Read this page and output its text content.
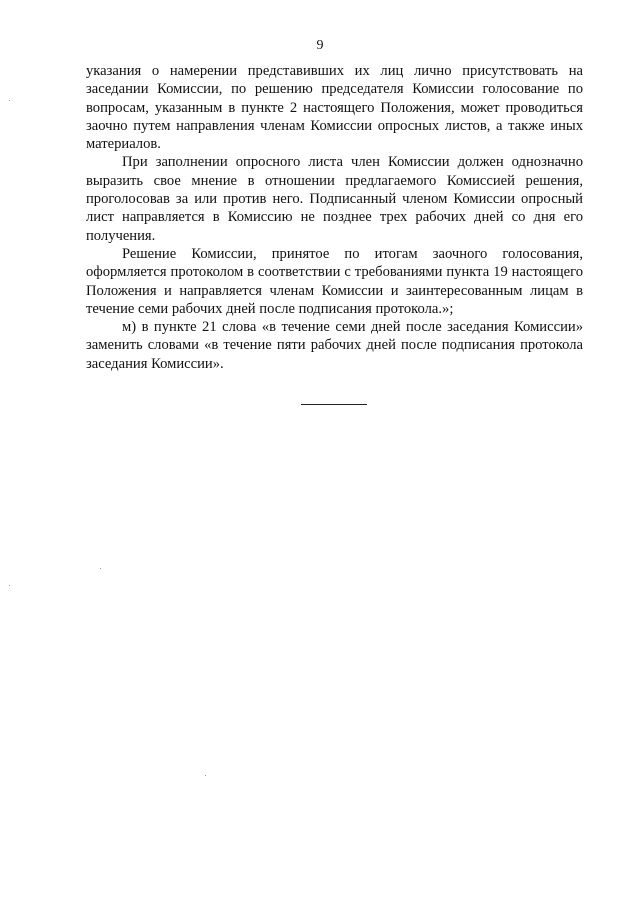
9

указания о намерении представивших их лиц лично присутствовать на заседании Комиссии, по решению председателя Комиссии голосование по вопросам, указанным в пункте 2 настоящего Положения, может проводиться заочно путем направления членам Комиссии опросных листов, а также иных материалов.

При заполнении опросного листа член Комиссии должен однозначно выразить свое мнение в отношении предлагаемого Комиссией решения, проголосовав за или против него. Подписанный членом Комиссии опросный лист направляется в Комиссию не позднее трех рабочих дней со дня его получения.

Решение Комиссии, принятое по итогам заочного голосования, оформляется протоколом в соответствии с требованиями пункта 19 настоящего Положения и направляется членам Комиссии и заинтересованным лицам в течение семи рабочих дней после подписания протокола.»;

м) в пункте 21 слова «в течение семи дней после заседания Комиссии» заменить словами «в течение пяти рабочих дней после подписания протокола заседания Комиссии».
